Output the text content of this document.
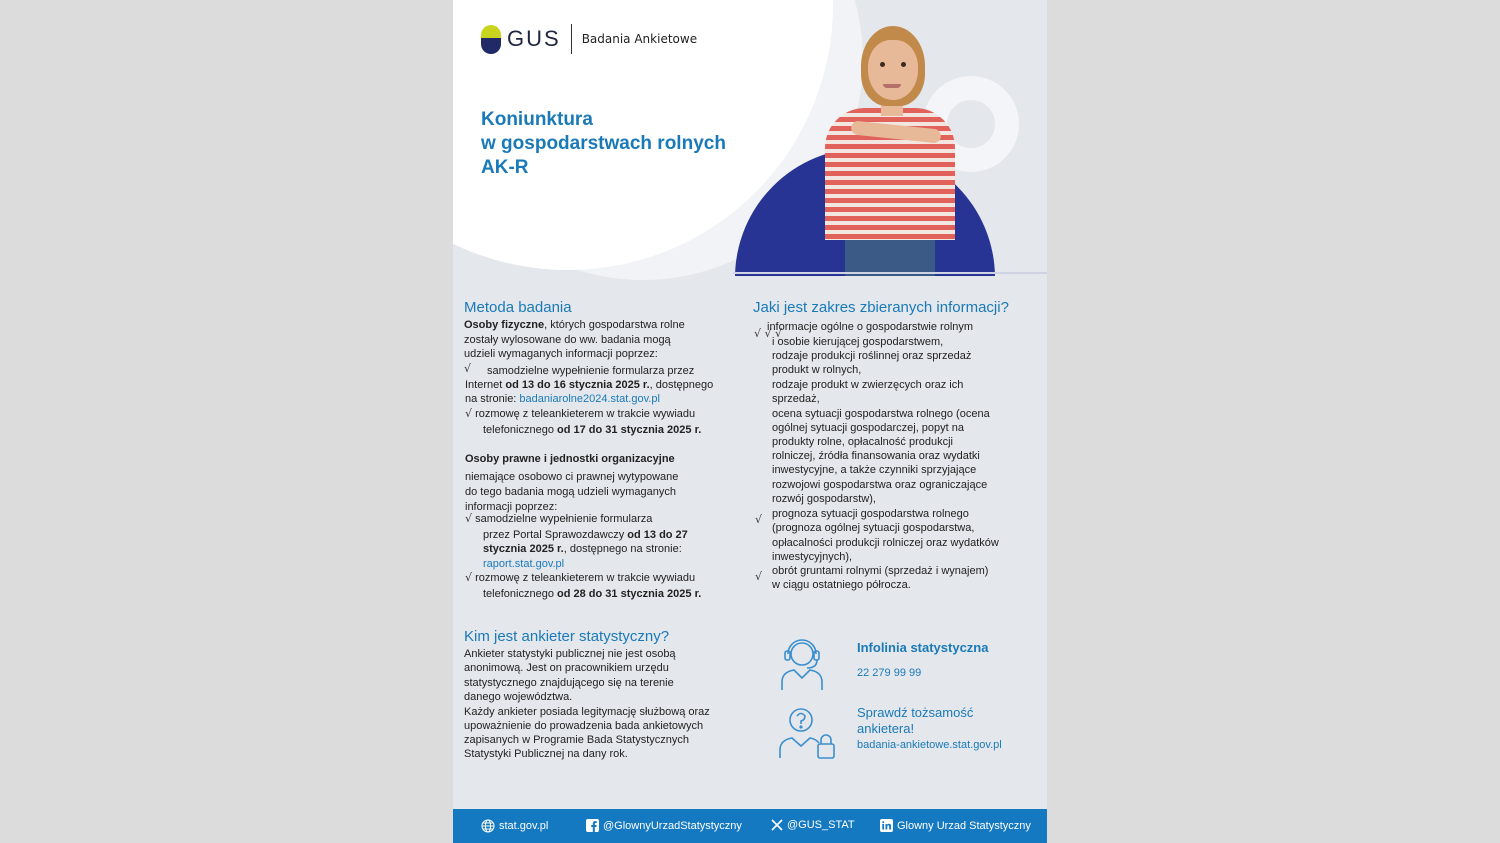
GUS Badania Ankietowe
Koniunktura
w gospodarstwach rolnych
AK-R
Metoda badania
Osoby fizyczne, których gospodarstwa rolne
zostały wylosowane do ww. badania mogą
udzieli wymaganych informacji poprzez:
√	samodzielne wypełnienie formularza przez
Internet od 13 do 16 stycznia 2025 r., dostępnego
na stronie: badaniarolne2024.stat.gov.pl
√ rozmowę z teleankieterem w trakcie wywiadu
telefonicznego od 17 do 31 stycznia 2025 r.
Osoby prawne i jednostki organizacyjne
niemające osobowo ci prawnej wytypowane
do tego badania mogą udzieli wymaganych
informacji poprzez:
√ samodzielne wypełnienie formularza
przez Portal Sprawozdawczy od 13 do 27
stycznia 2025 r., dostępnego na stronie:
raport.stat.gov.pl
√ rozmowę z teleankieterem w trakcie wywiadu
telefonicznego od 28 do 31 stycznia 2025 r.
Jaki jest zakres zbieranych informacji?
√ √ √
informacje ogólne o gospodarstwie rolnym
i osobie kierującej gospodarstwem,
rodzaje produkcji roślinnej oraz sprzedaż
produkt w rolnych,
rodzaje produkt w zwierzęcych oraz ich
sprzedaż,
ocena sytuacji gospodarstwa rolnego (ocena
ogólnej sytuacji gospodarczej, popyt na
produkty rolne, opłacalność produkcji
rolniczej, źródła finansowania oraz wydatki
inwestycyjne, a także czynniki sprzyjające
rozwojowi gospodarstwa oraz ograniczające
rozwój gospodarstw),
√ prognoza sytuacji gospodarstwa rolnego
(prognoza ogólnej sytuacji gospodarstwa,
opłacalności produkcji rolniczej oraz wydatków
inwestycyjnych),
√ obrót gruntami rolnymi (sprzedaż i wynajem)
w ciągu ostatniego półrocza.
Kim jest ankieter statystyczny?
Ankieter statystyki publicznej nie jest osobą
anonimową. Jest on pracownikiem urzędu
statystycznego znajdującego się na terenie
danego województwa.
Każdy ankieter posiada legitymację służbową oraz
upoważnienie do prowadzenia bada ankietowych
zapisanych w Programie Bada Statystycznych
Statystyki Publicznej na dany rok.
Infolinia statystyczna
22 279 99 99
Sprawdź tożsamość
ankietera!
badania-ankietowe.stat.gov.pl
stat.gov.pl	@GlownyUrzadStatystyczny	@GUS_STAT	Glowny Urzad Statystyczny
